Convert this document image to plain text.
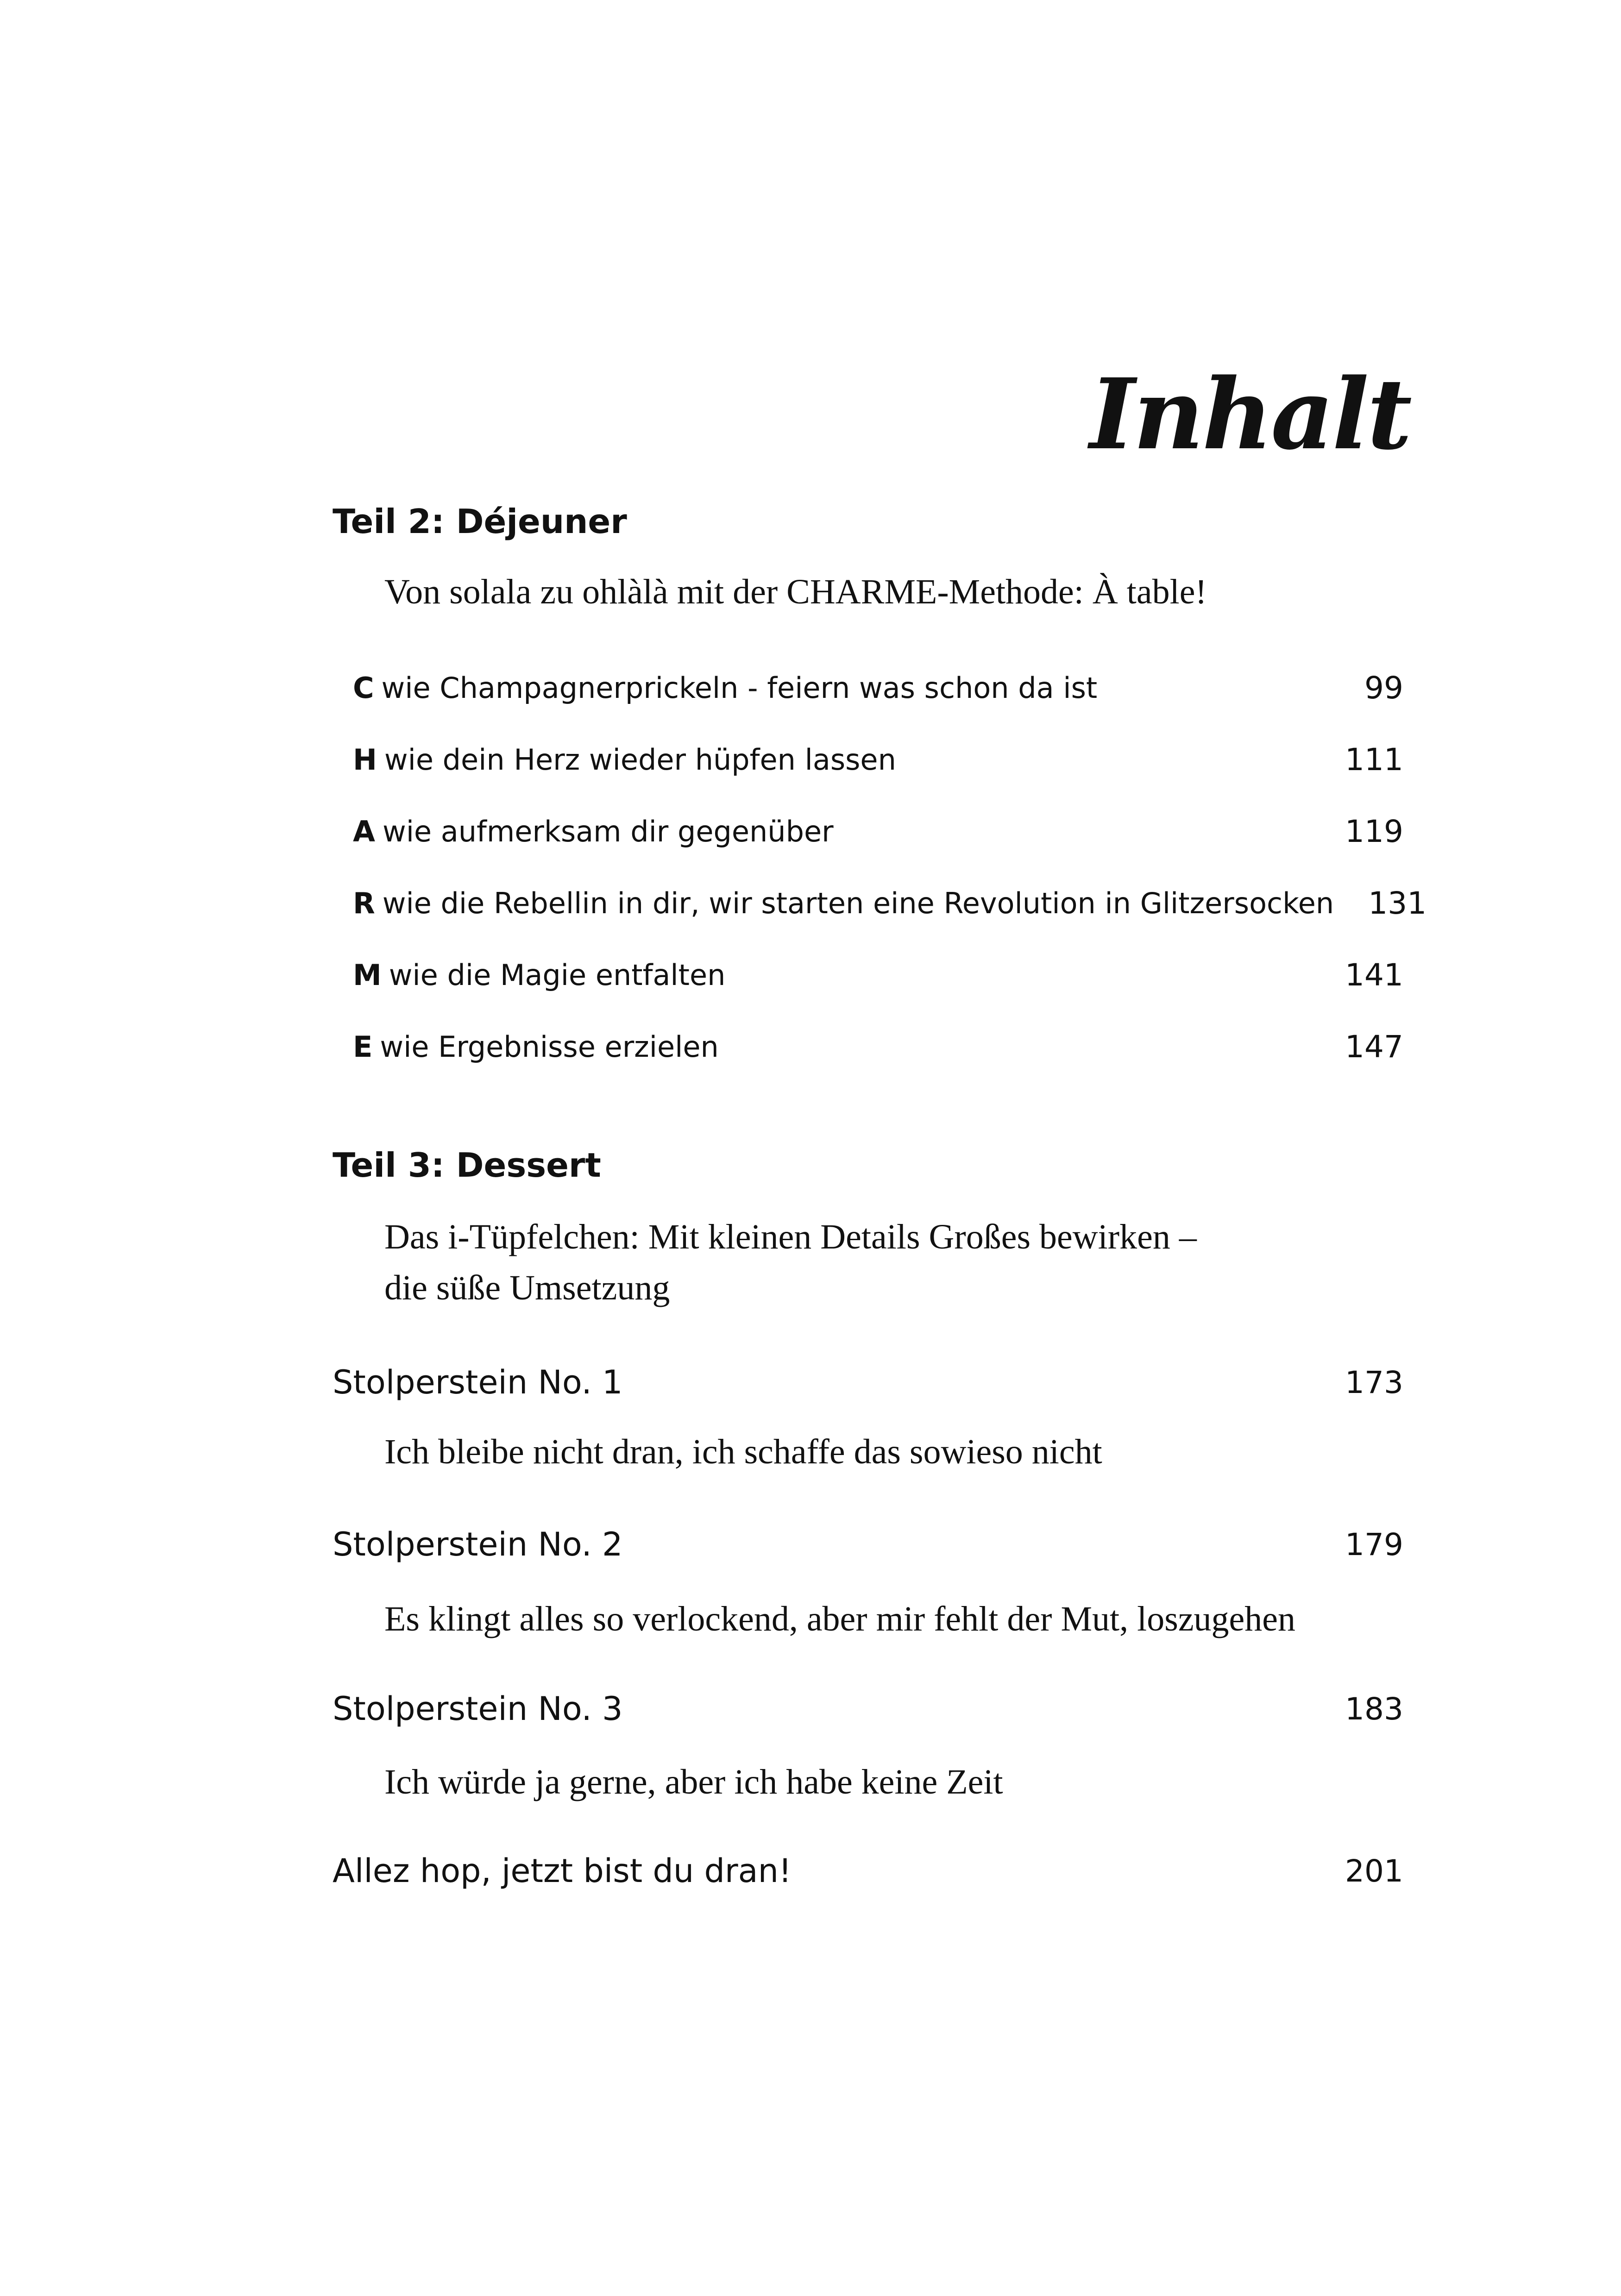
Inhalt
Teil 2: Déjeuner

Von solala zu ohlàlà mit der CHARME-Methode: À table!

C wie Champagnerprickeln - feiern was schon da ist	99
H wie dein Herz wieder hüpfen lassen	111
A wie aufmerksam dir gegenüber	119
R wie die Rebellin in dir, wir starten eine Revolution in Glitzersocken	131
M wie die Magie entfalten	141
E wie Ergebnisse erzielen	147
Teil 3: Dessert

Das i-Tüpfelchen: Mit kleinen Details Großes bewirken –

die süße Umsetzung

Stolperstein No. 1	173

Ich bleibe nicht dran, ich schaffe das sowieso nicht

Stolperstein No. 2	179

Es klingt alles so verlockend, aber mir fehlt der Mut, loszugehen

Stolperstein No. 3	183

Ich würde ja gerne, aber ich habe keine Zeit

Allez hop, jetzt bist du dran!	201
